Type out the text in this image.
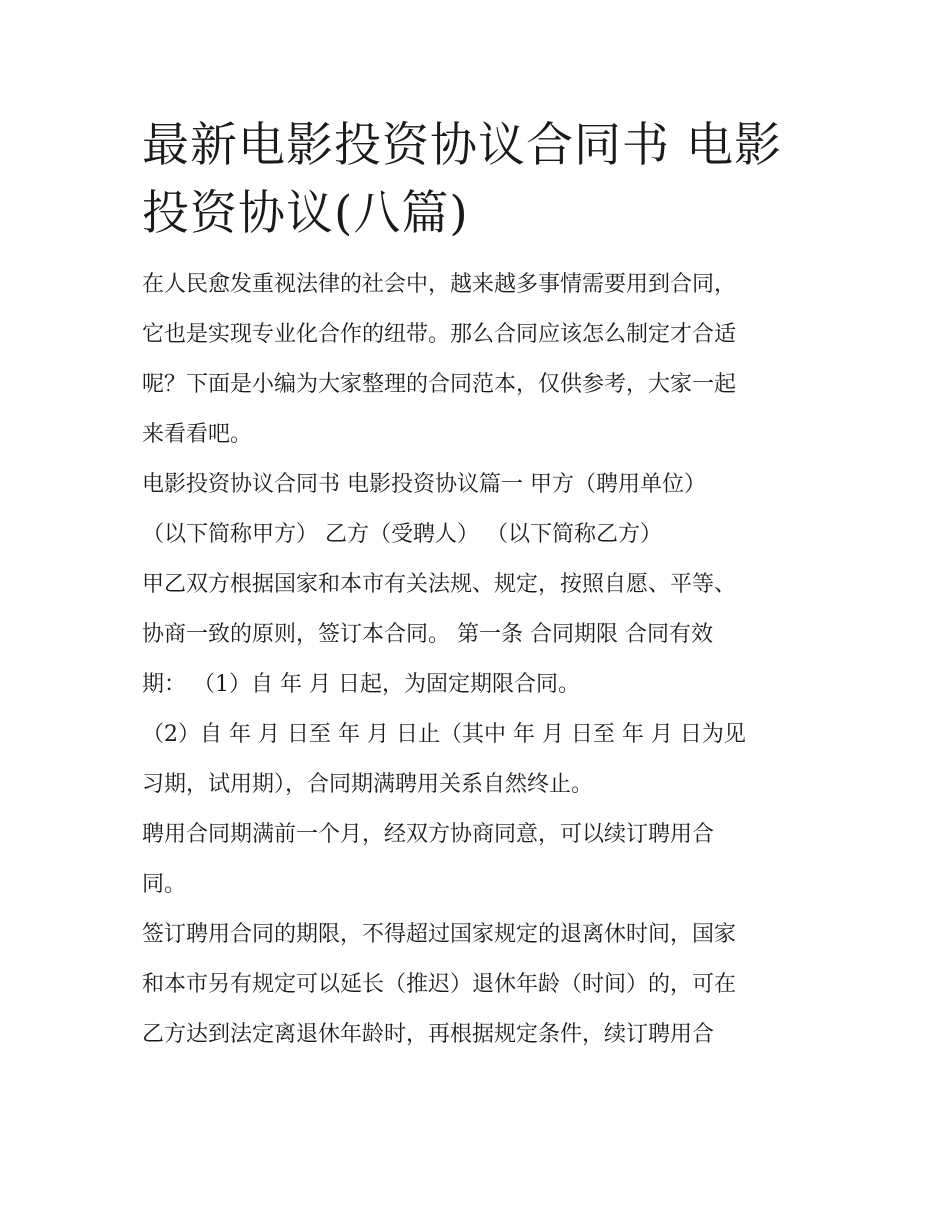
最新电影投资协议合同书 电影
投资协议(八篇)

在人民愈发重视法律的社会中，越来越多事情需要用到合同，
它也是实现专业化合作的纽带。那么合同应该怎么制定才合适
呢？下面是小编为大家整理的合同范本，仅供参考，大家一起
来看看吧。

电影投资协议合同书 电影投资协议篇一 甲方（聘用单位）
（以下简称甲方） 乙方（受聘人） （以下简称乙方）

甲乙双方根据国家和本市有关法规、规定，按照自愿、平等、
协商一致的原则，签订本合同。 第一条 合同期限 合同有效
期： （1）自 年 月 日起，为固定期限合同。

（2）自 年 月 日至 年 月 日止（其中 年 月 日至 年 月 日为见
习期，试用期），合同期满聘用关系自然终止。

聘用合同期满前一个月，经双方协商同意，可以续订聘用合
同。

签订聘用合同的期限，不得超过国家规定的退离休时间，国家
和本市另有规定可以延长（推迟）退休年龄（时间）的，可在
乙方达到法定离退休年龄时，再根据规定条件，续订聘用合
